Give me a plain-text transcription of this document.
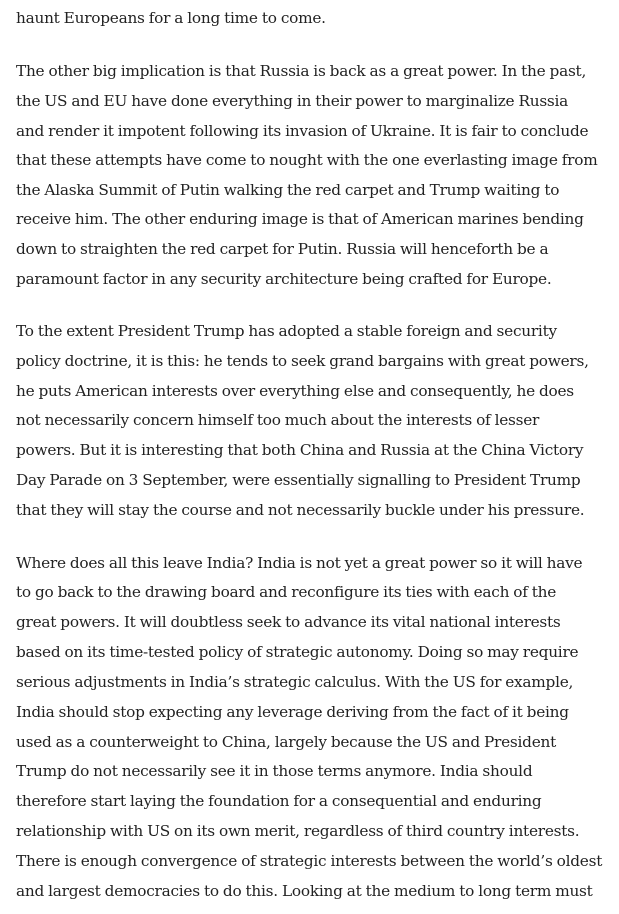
haunt Europeans for a long time to come.
The other big implication is that Russia is back as a great power. In the past,
the US and EU have done everything in their power to marginalize Russia
and render it impotent following its invasion of Ukraine. It is fair to conclude
that these attempts have come to nought with the one everlasting image from
the Alaska Summit of Putin walking the red carpet and Trump waiting to
receive him. The other enduring image is that of American marines bending
down to straighten the red carpet for Putin. Russia will henceforth be a
paramount factor in any security architecture being crafted for Europe.
To the extent President Trump has adopted a stable foreign and security
policy doctrine, it is this: he tends to seek grand bargains with great powers,
he puts American interests over everything else and consequently, he does
not necessarily concern himself too much about the interests of lesser
powers. But it is interesting that both China and Russia at the China Victory
Day Parade on 3 September, were essentially signalling to President Trump
that they will stay the course and not necessarily buckle under his pressure.
Where does all this leave India? India is not yet a great power so it will have
to go back to the drawing board and reconfigure its ties with each of the
great powers. It will doubtless seek to advance its vital national interests
based on its time-tested policy of strategic autonomy. Doing so may require
serious adjustments in India’s strategic calculus. With the US for example,
India should stop expecting any leverage deriving from the fact of it being
used as a counterweight to China, largely because the US and President
Trump do not necessarily see it in those terms anymore. India should
therefore start laying the foundation for a consequential and enduring
relationship with US on its own merit, regardless of third country interests.
There is enough convergence of strategic interests between the world’s oldest
and largest democracies to do this. Looking at the medium to long term must
